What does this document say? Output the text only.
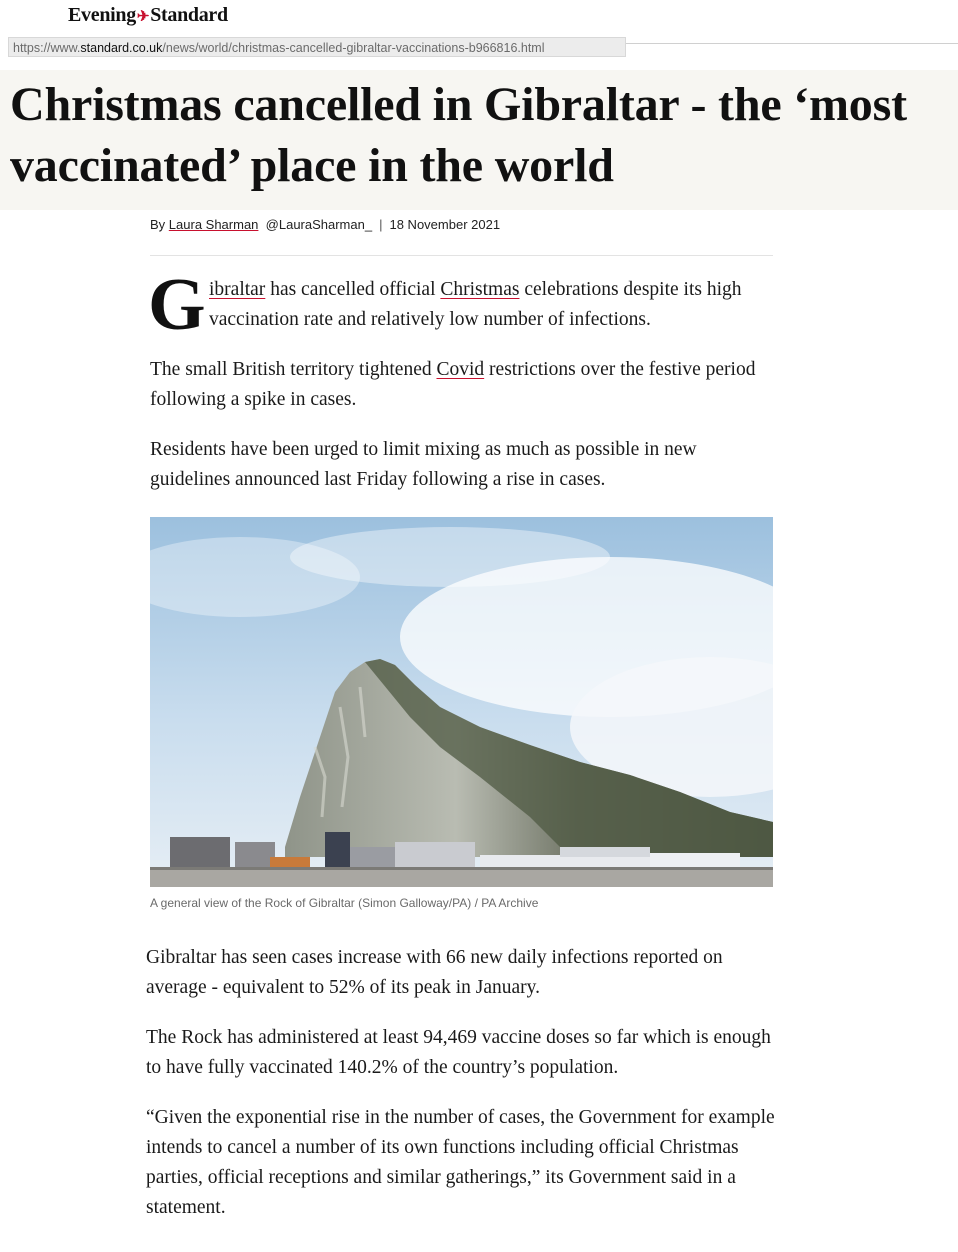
Evening✈Standard
https://www.standard.co.uk/news/world/christmas-cancelled-gibraltar-vaccinations-b966816.html
Christmas cancelled in Gibraltar - the ‘most vaccinated’ place in the world
By Laura Sharman @LauraSharman_ | 18 November 2021
G ibraltar has cancelled official Christmas celebrations despite its high vaccination rate and relatively low number of infections.

The small British territory tightened Covid restrictions over the festive period following a spike in cases.

Residents have been urged to limit mixing as much as possible in new guidelines announced last Friday following a rise in cases.

A general view of the Rock of Gibraltar (Simon Galloway/PA) / PA Archive

Gibraltar has seen cases increase with 66 new daily infections reported on average - equivalent to 52% of its peak in January.

The Rock has administered at least 94,469 vaccine doses so far which is enough to have fully vaccinated 140.2% of the country’s population.

“Given the exponential rise in the number of cases, the Government for example intends to cancel a number of its own functions including official Christmas parties, official receptions and similar gatherings,” its Government said in a statement.
